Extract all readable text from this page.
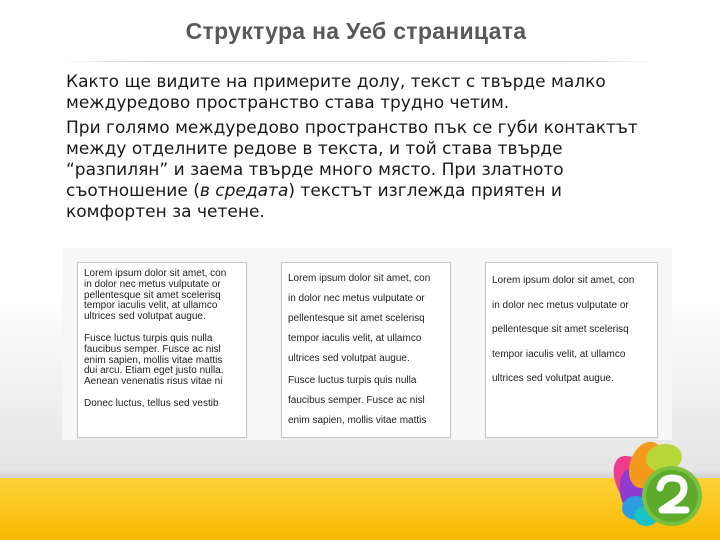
Структура на Уеб страницата

Както ще видите на примерите долу, текст с твърде малко междуредово пространство става трудно четим.

При голямо междуредово пространство пък се губи контактът между отделните редове в текста, и той става твърде “разпилян” и заема твърде много място. При златното съотношение (в средата) текстът изглежда приятен и комфортен за четене.

Lorem ipsum dolor sit amet, con
in dolor nec metus vulputate or
pellentesque sit amet scelerisq
tempor iaculis velit, at ullamco
ultrices sed volutpat augue.

Fusce luctus turpis quis nulla
faucibus semper. Fusce ac nisl
enim sapien, mollis vitae mattis
dui arcu. Etiam eget justo nulla.
Aenean venenatis risus vitae ni

Donec luctus, tellus sed vestib

Lorem ipsum dolor sit amet, con
in dolor nec metus vulputate or
pellentesque sit amet scelerisq
tempor iaculis velit, at ullamco
ultrices sed volutpat augue.

Fusce luctus turpis quis nulla
faucibus semper. Fusce ac nisl
enim sapien, mollis vitae mattis

Lorem ipsum dolor sit amet, con
in dolor nec metus vulputate or
pellentesque sit amet scelerisq
tempor iaculis velit, at ullamco
ultrices sed volutpat augue.
